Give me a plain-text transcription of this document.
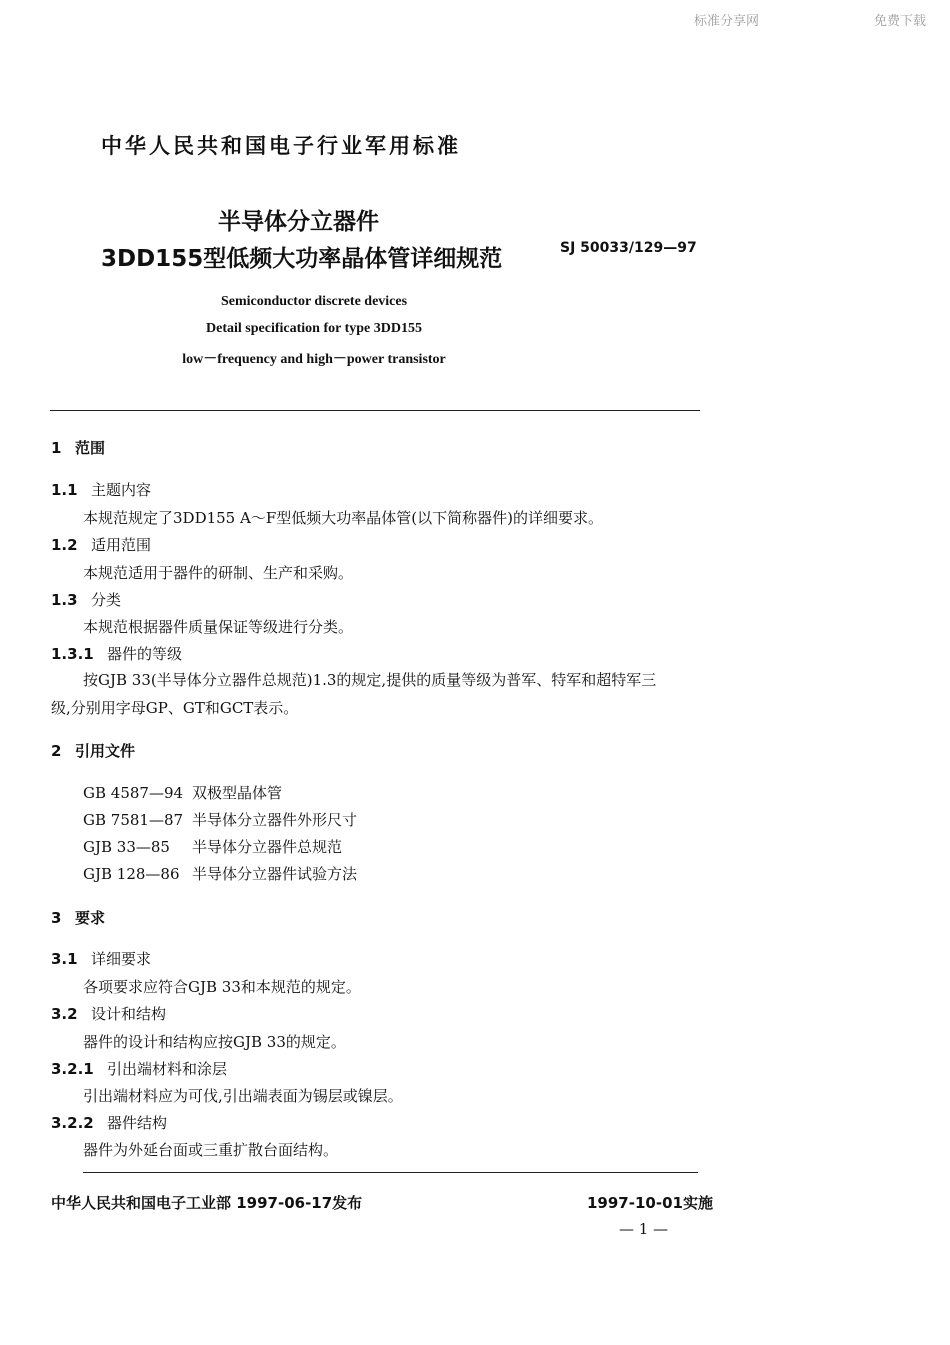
标准分享网	免费下载
中华人民共和国电子行业军用标准
半导体分立器件
3DD155型低频大功率晶体管详细规范	SJ 50033/129—97
Semiconductor discrete devices
Detail specification for type 3DD155
low－frequency and high－power transistor
1 范围
1.1 主题内容
本规范规定了3DD155 A～F型低频大功率晶体管(以下简称器件)的详细要求。
1.2 适用范围
本规范适用于器件的研制、生产和采购。
1.3 分类
本规范根据器件质量保证等级进行分类。
1.3.1 器件的等级
按GJB 33(半导体分立器件总规范)1.3的规定,提供的质量等级为普军、特军和超特军三
级,分别用字母GP、GT和GCT表示。
2 引用文件
GB 4587—94 双极型晶体管
GB 7581—87 半导体分立器件外形尺寸
GJB 33—85 半导体分立器件总规范
GJB 128—86 半导体分立器件试验方法
3 要求
3.1 详细要求
各项要求应符合GJB 33和本规范的规定。
3.2 设计和结构
器件的设计和结构应按GJB 33的规定。
3.2.1 引出端材料和涂层
引出端材料应为可伐,引出端表面为锡层或镍层。
3.2.2 器件结构
器件为外延台面或三重扩散台面结构。
中华人民共和国电子工业部 1997-06-17发布	1997-10-01实施
— 1 —
